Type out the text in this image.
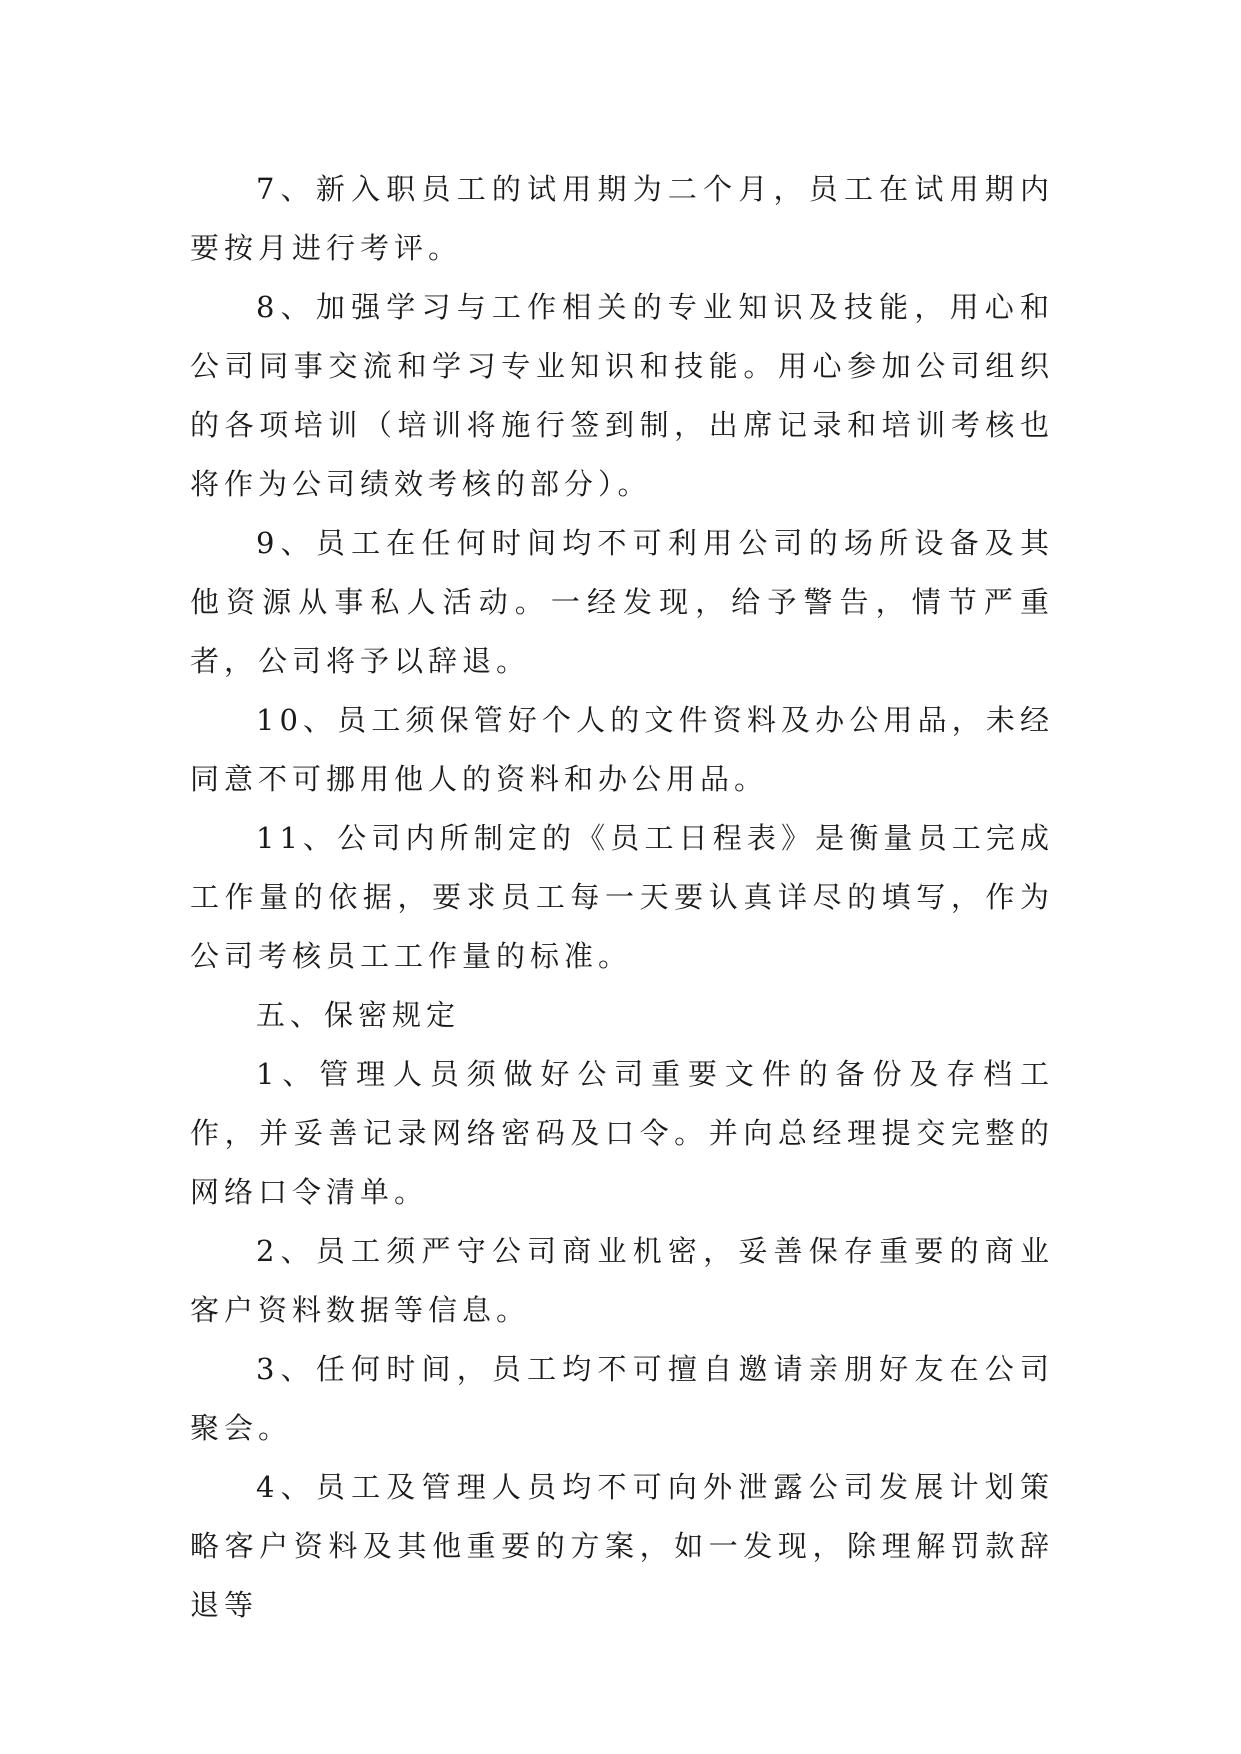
7、新入职员工的试用期为二个月，员工在试用期内要按月进行考评。

8、加强学习与工作相关的专业知识及技能，用心和公司同事交流和学习专业知识和技能。用心参加公司组织的各项培训（培训将施行签到制，出席记录和培训考核也将作为公司绩效考核的部分）。

9、员工在任何时间均不可利用公司的场所设备及其他资源从事私人活动。一经发现，给予警告，情节严重者，公司将予以辞退。

10、员工须保管好个人的文件资料及办公用品，未经同意不可挪用他人的资料和办公用品。

11、公司内所制定的《员工日程表》是衡量员工完成工作量的依据，要求员工每一天要认真详尽的填写，作为公司考核员工工作量的标准。

五、保密规定

1、管理人员须做好公司重要文件的备份及存档工作，并妥善记录网络密码及口令。并向总经理提交完整的网络口令清单。

2、员工须严守公司商业机密，妥善保存重要的商业客户资料数据等信息。

3、任何时间，员工均不可擅自邀请亲朋好友在公司聚会。

4、员工及管理人员均不可向外泄露公司发展计划策略客户资料及其他重要的方案，如一发现，除理解罚款辞退等
